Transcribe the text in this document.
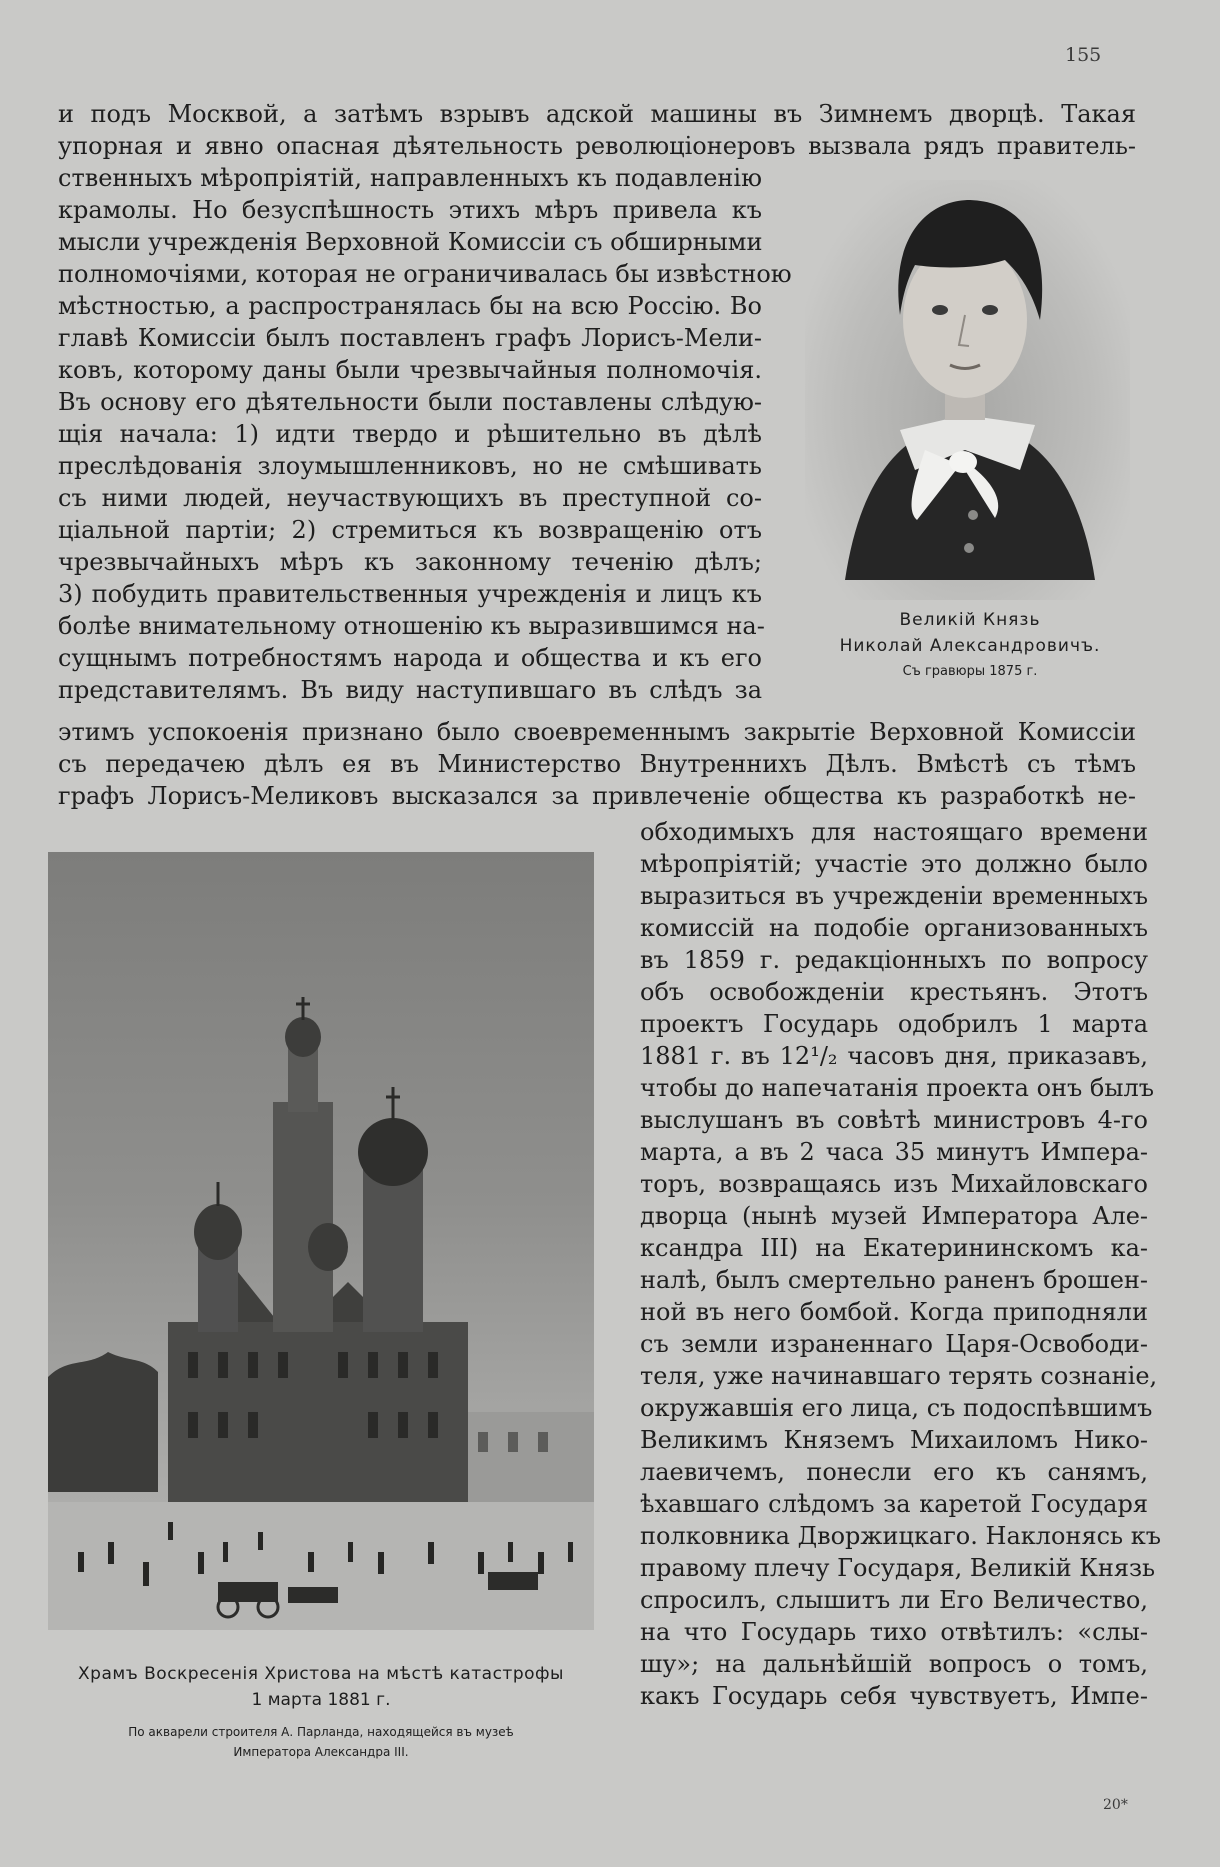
155
и подъ Москвой, а затѣмъ взрывъ адской машины въ Зимнемъ дворцѣ. Такая
упорная и явно опасная дѣятельность революціонеровъ вызвала рядъ правитель-
ственныхъ мѣропріятій, направленныхъ къ подавленію
крамолы. Но безуспѣшность этихъ мѣръ привела къ
мысли учрежденія Верховной Комиссіи съ обширными
полномочіями, которая не ограничивалась бы извѣстною
мѣстностью, а распространялась бы на всю Россію. Во
главѣ Комиссіи былъ поставленъ графъ Лорисъ-Мели-
ковъ, которому даны были чрезвычайныя полномочія.
Въ основу его дѣятельности были поставлены слѣдую-
щія начала: 1) идти твердо и рѣшительно въ дѣлѣ
преслѣдованія злоумышленниковъ, но не смѣшивать
съ ними людей, неучаствующихъ въ преступной со-
ціальной партіи; 2) стремиться къ возвращенію отъ
чрезвычайныхъ мѣръ къ законному теченію дѣлъ;
3) побудить правительственныя учрежденія и лицъ къ
болѣе внимательному отношенію къ выразившимся на-
сущнымъ потребностямъ народа и общества и къ его
представителямъ. Въ виду наступившаго въ слѣдъ за
этимъ успокоенія признано было своевременнымъ закрытіе Верховной Комиссіи
съ передачею дѣлъ ея въ Министерство Внутреннихъ Дѣлъ. Вмѣстѣ съ тѣмъ
графъ Лорисъ-Меликовъ высказался за привлеченіе общества къ разработкѣ не-
обходимыхъ для настоящаго времени
мѣропріятій; участіе это должно было
выразиться въ учрежденіи временныхъ
комиссій на подобіе организованныхъ
въ 1859 г. редакціонныхъ по вопросу
объ освобожденіи крестьянъ. Этотъ
проектъ Государь одобрилъ 1 марта
1881 г. въ 12¹/₂ часовъ дня, приказавъ,
чтобы до напечатанія проекта онъ былъ
выслушанъ въ совѣтѣ министровъ 4-го
марта, а въ 2 часа 35 минутъ Импера-
торъ, возвращаясь изъ Михайловскаго
дворца (нынѣ музей Императора Але-
ксандра III) на Екатерининскомъ ка-
налѣ, былъ смертельно раненъ брошен-
ной въ него бомбой. Когда приподняли
съ земли израненнаго Царя-Освободи-
теля, уже начинавшаго терять сознаніе,
окружавшія его лица, съ подоспѣвшимъ
Великимъ Княземъ Михаиломъ Нико-
лаевичемъ, понесли его къ санямъ,
ѣхавшаго слѣдомъ за каретой Государя
полковника Дворжицкаго. Наклонясь къ
правому плечу Государя, Великій Князь
спросилъ, слышитъ ли Его Величество,
на что Государь тихо отвѣтилъ: «слы-
шу»; на дальнѣйшій вопросъ о томъ,
какъ Государь себя чувствуетъ, Импе-
Великій Князь
Николай Александровичъ.
Съ гравюры 1875 г.
Храмъ Воскресенія Христова на мѣстѣ катастрофы
1 марта 1881 г.
По акварели строителя А. Парланда, находящейся въ музеѣ
Императора Александра III.
20*
